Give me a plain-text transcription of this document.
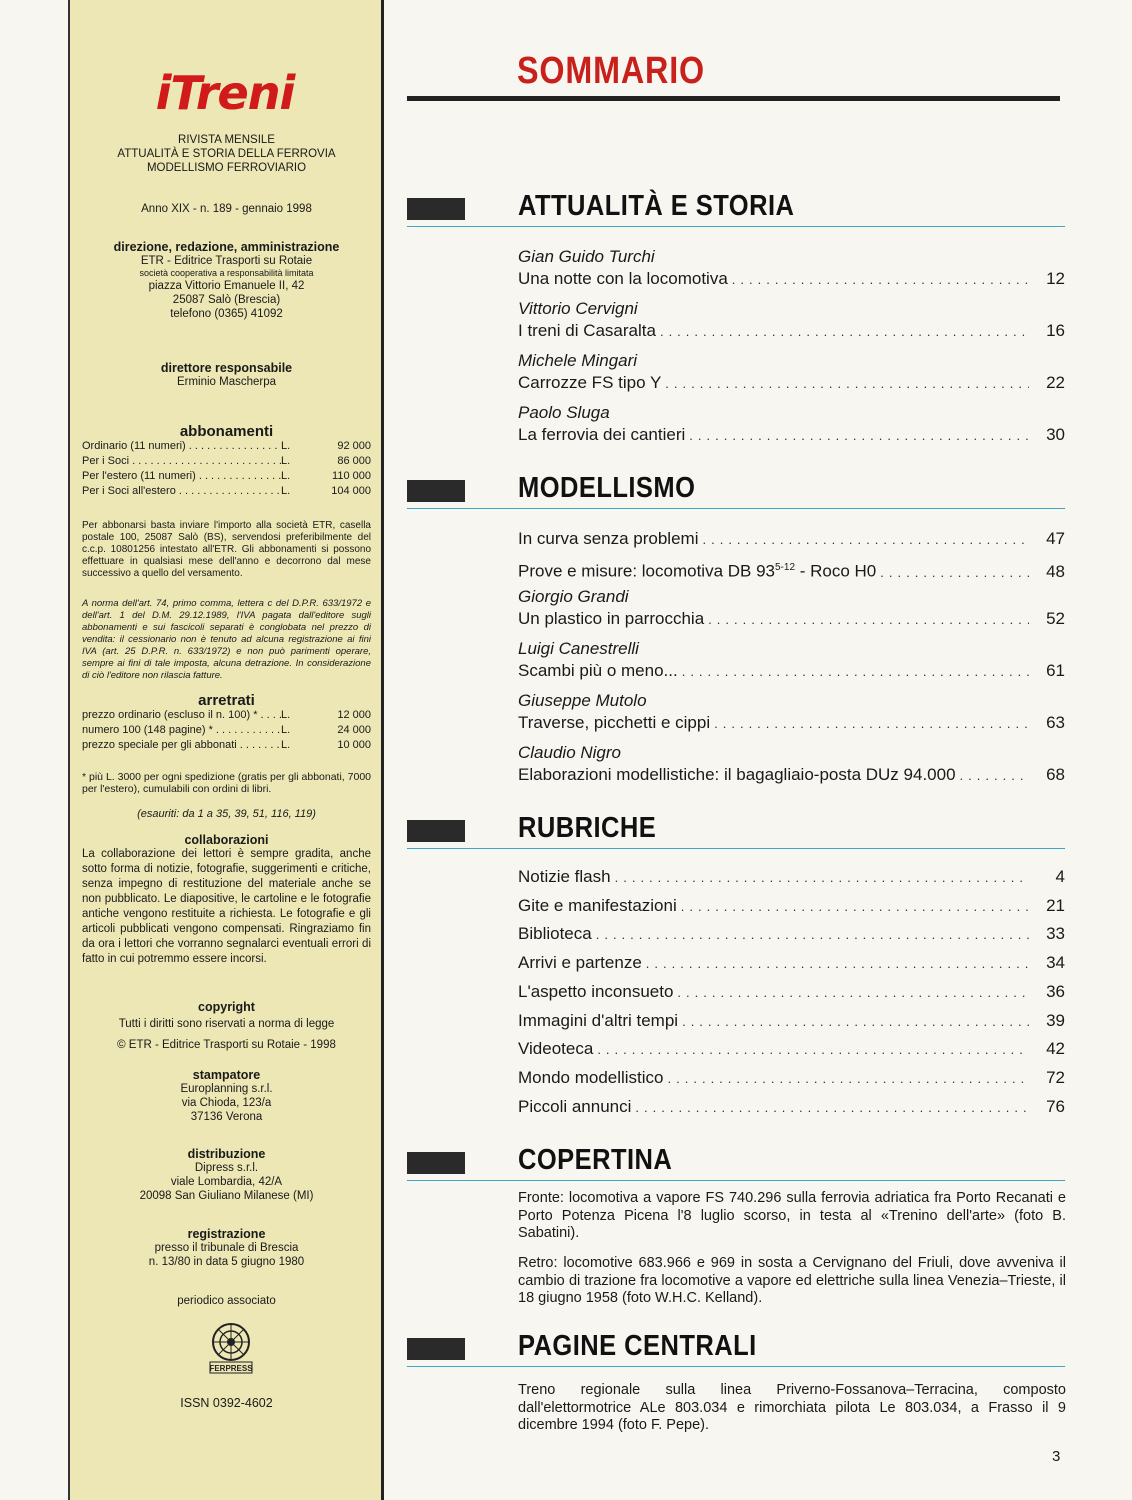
iTreni
RIVISTA MENSILE
ATTUALITÀ E STORIA DELLA FERROVIA
MODELLISMO FERROVIARIO
Anno XIX - n. 189 - gennaio 1998
direzione, redazione, amministrazione
ETR - Editrice Trasporti su Rotaie
società cooperativa a responsabilità limitata
piazza Vittorio Emanuele II, 42
25087 Salò (Brescia)
telefono (0365) 41092
direttore responsabile
Erminio Mascherpa
abbonamenti
Ordinario (11 numeri) . . .	L.	92 000
Per i Soci . . .	L.	86 000
Per l'estero (11 numeri) . . .	L.	110 000
Per i Soci all'estero . . .	L.	104 000
Per abbonarsi basta inviare l'importo alla società ETR, casella postale 100, 25087 Salò (BS), servendosi preferibilmente del c.c.p. 10801256 intestato all'ETR. Gli abbonamenti si possono effettuare in qualsiasi mese dell'anno e decorrono dal mese successivo a quello del versamento.
A norma dell'art. 74, primo comma, lettera c del D.P.R. 633/1972 e dell'art. 1 del D.M. 29.12.1989, l'IVA pagata dall'editore sugli abbonamenti e sui fascicoli separati è conglobata nel prezzo di vendita: il cessionario non è tenuto ad alcuna registrazione ai fini IVA (art. 25 D.P.R. n. 633/1972) e non può parimenti operare, sempre ai fini di tale imposta, alcuna detrazione. In considerazione di ciò l'editore non rilascia fatture.
arretrati
prezzo ordinario (escluso il n. 100) * . . .	L.	12 000
numero 100 (148 pagine) * . . .	L.	24 000
prezzo speciale per gli abbonati . . .	L.	10 000
* più L. 3000 per ogni spedizione (gratis per gli abbonati, 7000 per l'estero), cumulabili con ordini di libri.
(esauriti: da 1 a 35, 39, 51, 116, 119)
collaborazioni
La collaborazione dei lettori è sempre gradita, anche sotto forma di notizie, fotografie, suggerimenti e critiche, senza impegno di restituzione del materiale anche se non pubblicato. Le diapositive, le cartoline e le fotografie antiche vengono restituite a richiesta. Le fotografie e gli articoli pubblicati vengono compensati. Ringraziamo fin da ora i lettori che vorranno segnalarci eventuali errori di fatto in cui potremmo essere incorsi.
copyright
Tutti i diritti sono riservati a norma di legge
© ETR - Editrice Trasporti su Rotaie - 1998
stampatore
Europlanning s.r.l.
via Chioda, 123/a
37136 Verona
distribuzione
Dipress s.r.l.
viale Lombardia, 42/A
20098 San Giuliano Milanese (MI)
registrazione
presso il tribunale di Brescia
n. 13/80 in data 5 giugno 1980
periodico associato
FERPRESS
ISSN 0392-4602
SOMMARIO
ATTUALITÀ E STORIA
Gian Guido Turchi
Una notte con la locomotiva .....	12
Vittorio Cervigni
I treni di Casaralta .....	16
Michele Mingari
Carrozze FS tipo Y .....	22
Paolo Sluga
La ferrovia dei cantieri .....	30
MODELLISMO
In curva senza problemi .....	47
Prove e misure: locomotiva DB 93$^{5-12}$ - Roco H0 .....	48
Giorgio Grandi
Un plastico in parrocchia .....	52
Luigi Canestrelli
Scambi più o meno... .....	61
Giuseppe Mutolo
Traverse, picchetti e cippi .....	63
Claudio Nigro
Elaborazioni modellistiche: il bagagliaio-posta DUz 94.000 .....	68
RUBRICHE
Notizie flash .....	4
Gite e manifestazioni .....	21
Biblioteca .....	33
Arrivi e partenze .....	34
L'aspetto inconsueto .....	36
Immagini d'altri tempi .....	39
Videoteca .....	42
Mondo modellistico .....	72
Piccoli annunci .....	76
COPERTINA
Fronte: locomotiva a vapore FS 740.296 sulla ferrovia adriatica fra Porto Recanati e Porto Potenza Picena l'8 luglio scorso, in testa al «Trenino dell'arte» (foto B. Sabatini).
Retro: locomotive 683.966 e 969 in sosta a Cervignano del Friuli, dove avveniva il cambio di trazione fra locomotive a vapore ed elettriche sulla linea Venezia–Trieste, il 18 giugno 1958 (foto W.H.C. Kelland).
PAGINE CENTRALI
Treno regionale sulla linea Priverno-Fossanova–Terracina, composto dall'elettormotrice ALe 803.034 e rimorchiata pilota Le 803.034, a Frasso il 9 dicembre 1994 (foto F. Pepe).
3
